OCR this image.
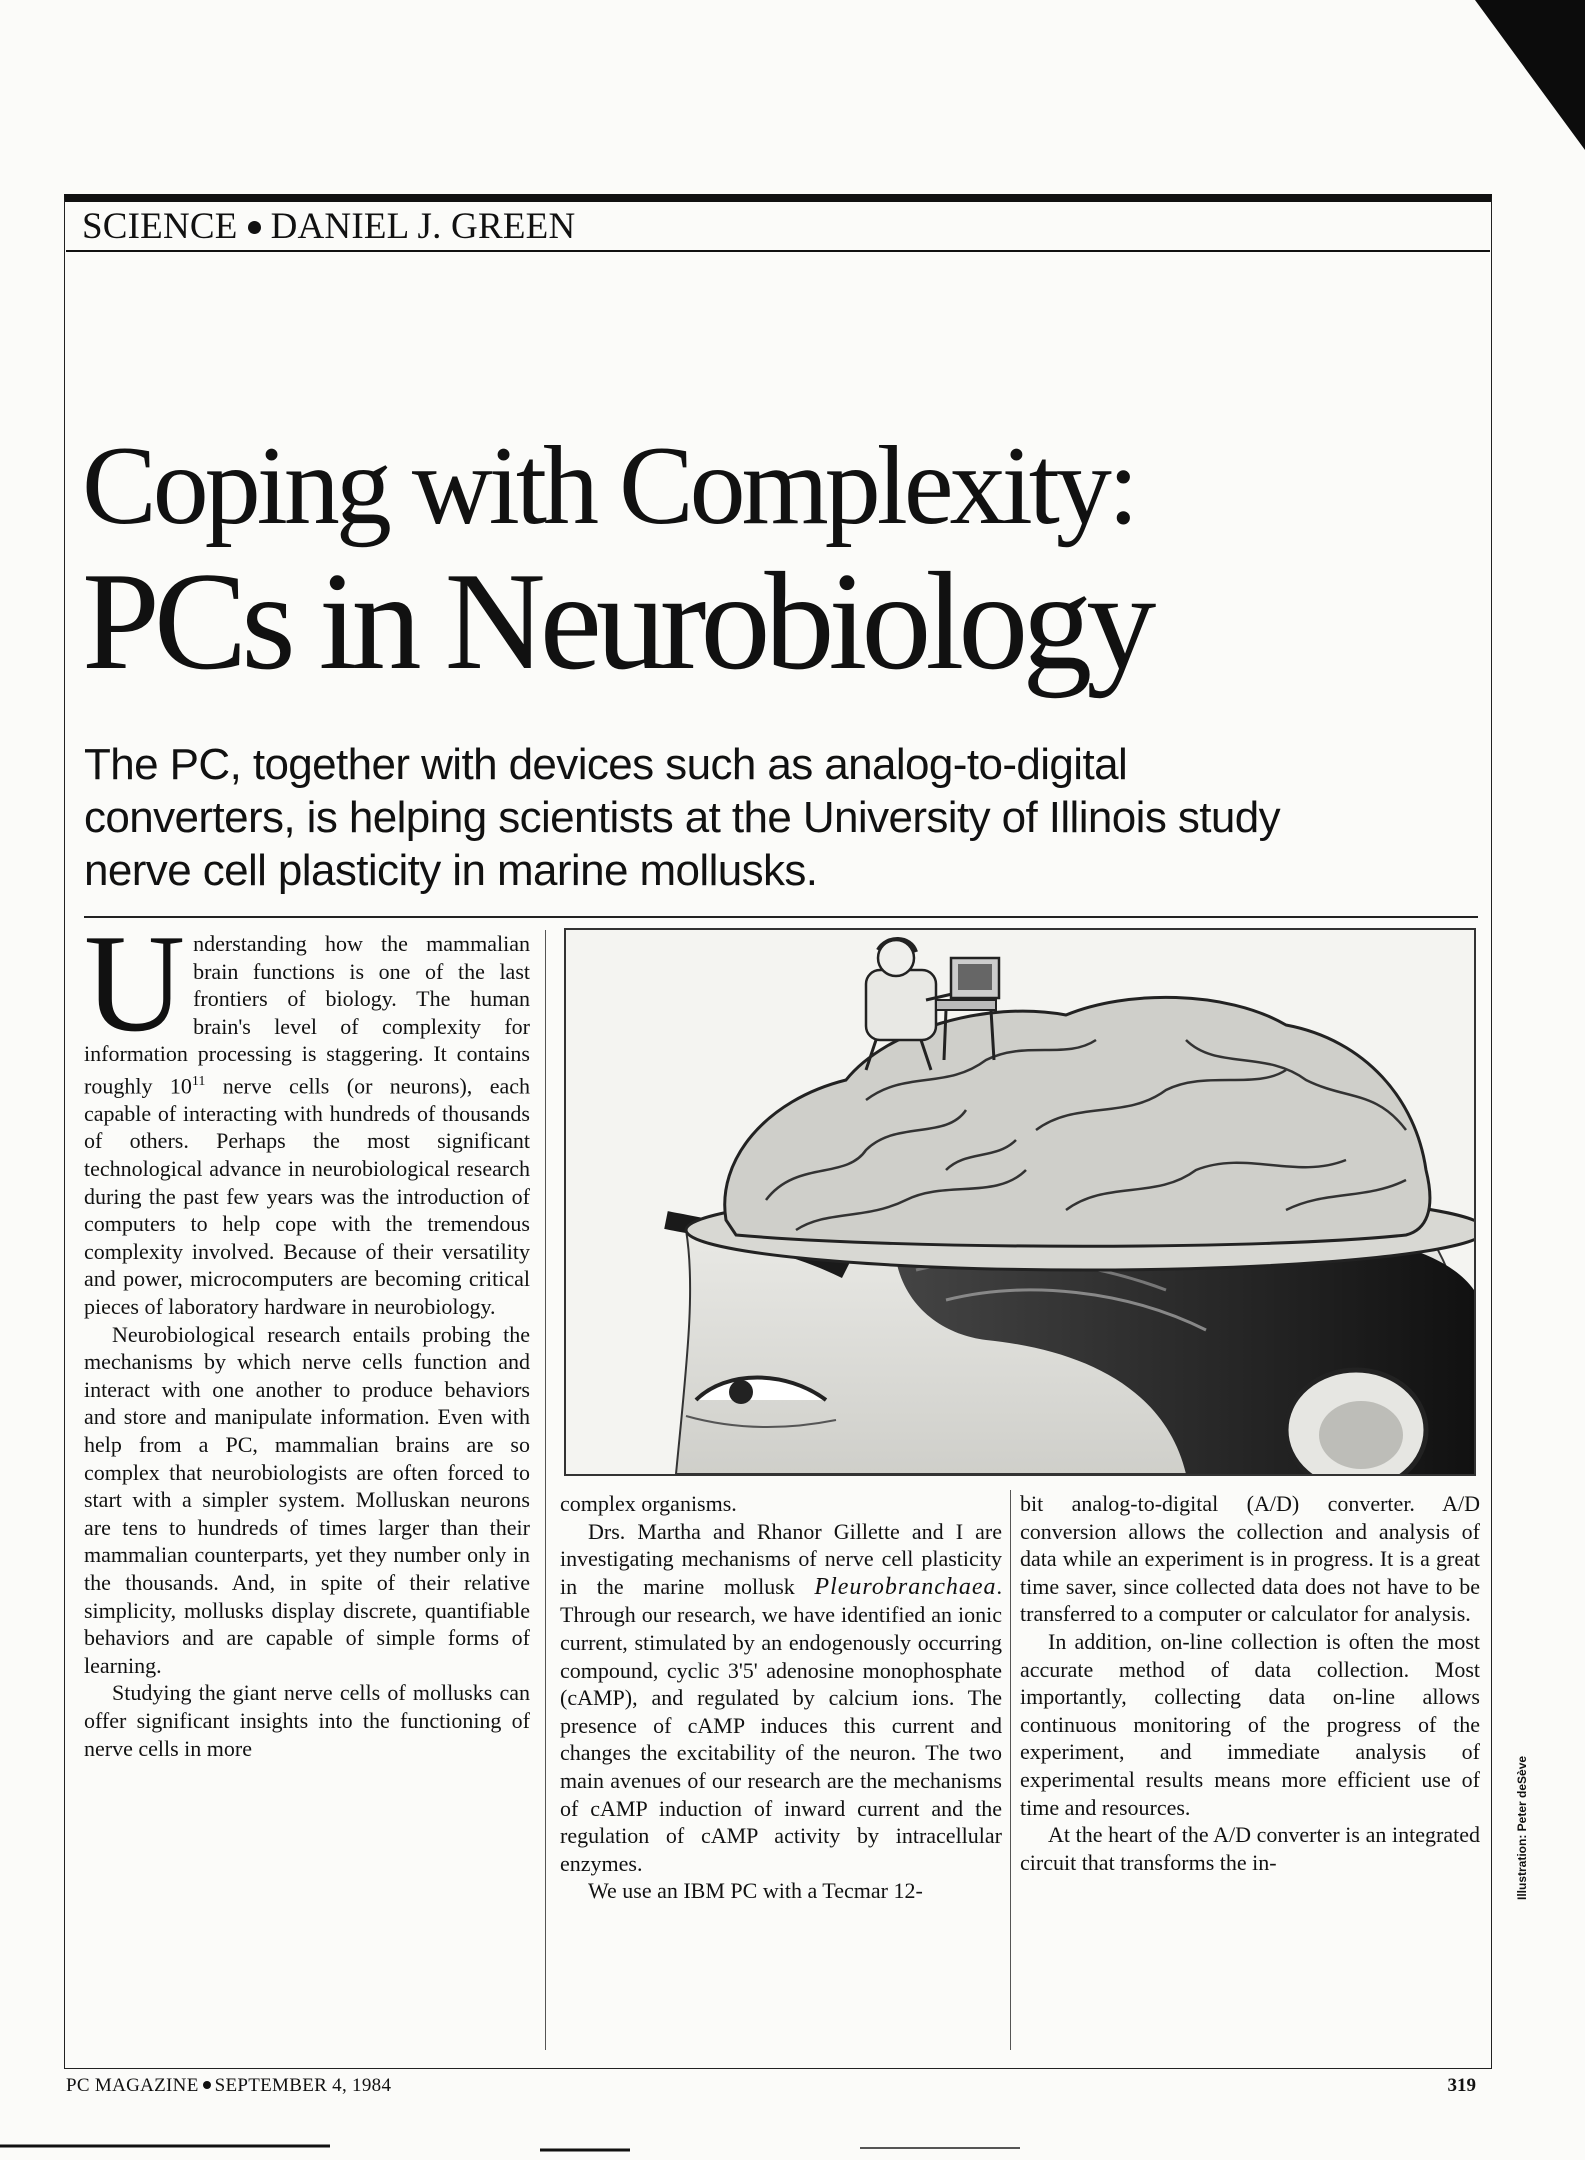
SCIENCE DANIEL J. GREEN
Coping with Complexity:
PCs in Neurobiology
The PC, together with devices such as analog-to-digital
converters, is helping scientists at the University of Illinois study
nerve cell plasticity in marine mollusks.

Understanding how the mammalian brain functions is one of the last frontiers of biology. The human brain's level of complexity for information processing is staggering. It contains roughly $10^{11}$ nerve cells (or neurons), each capable of interacting with hundreds of thousands of others. Perhaps the most significant technological advance in neurobiological research during the past few years was the introduction of computers to help cope with the tremendous complexity involved. Because of their versatility and power, microcomputers are becoming critical pieces of laboratory hardware in neurobiology.

Neurobiological research entails probing the mechanisms by which nerve cells function and interact with one another to produce behaviors and store and manipulate information. Even with help from a PC, mammalian brains are so complex that neurobiologists are often forced to start with a simpler system. Molluskan neurons are tens to hundreds of times larger than their mammalian counterparts, yet they number only in the thousands. And, in spite of their relative simplicity, mollusks display discrete, quantifiable behaviors and are capable of simple forms of learning.

Studying the giant nerve cells of mollusks can offer significant insights into the functioning of nerve cells in more

complex organisms.

Drs. Martha and Rhanor Gillette and I are investigating mechanisms of nerve cell plasticity in the marine mollusk Pleurobranchaea. Through our research, we have identified an ionic current, stimulated by an endogenously occurring compound, cyclic 3'5' adenosine monophosphate (cAMP), and regulated by calcium ions. The presence of cAMP induces this current and changes the excitability of the neuron. The two main avenues of our research are the mechanisms of cAMP induction of inward current and the regulation of cAMP activity by intracellular enzymes.

We use an IBM PC with a Tecmar 12-

bit analog-to-digital (A/D) converter. A/D conversion allows the collection and analysis of data while an experiment is in progress. It is a great time saver, since collected data does not have to be transferred to a computer or calculator for analysis.

In addition, on-line collection is often the most accurate method of data collection. Most importantly, collecting data on-line allows continuous monitoring of the progress of the experiment, and immediate analysis of experimental results means more efficient use of time and resources.

At the heart of the A/D converter is an integrated circuit that transforms the in-	Illustration: Peter deSève
PC MAGAZINE SEPTEMBER 4, 1984	319
